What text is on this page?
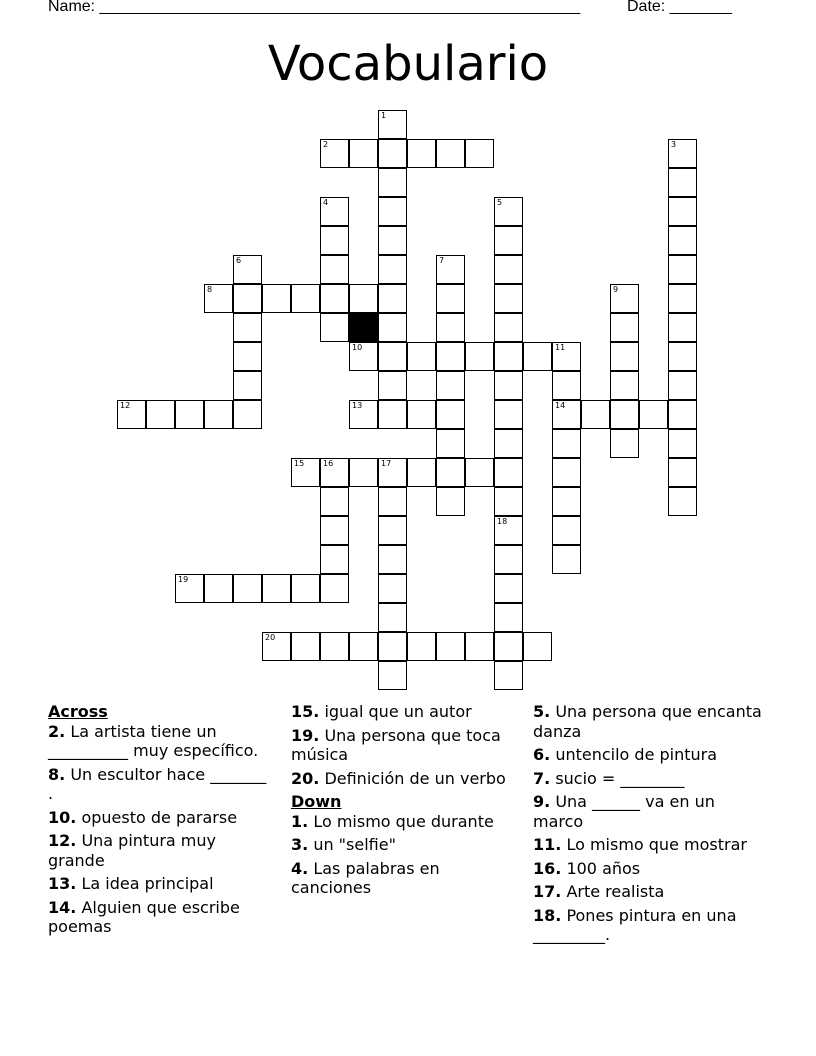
Name: ______________________________________________________	Date: _______
Vocabulario
2
8
10	11
12	13	14
15 16	17
19
20
1
3
4	5
6	7
9
18

Across

2. La artista tiene un __________ muy específico.

8. Un escultor hace _______ .

10. opuesto de pararse

12. Una pintura muy grande

13. La idea principal

14. Alguien que escribe poemas

15. igual que un autor

19. Una persona que toca música

20. Definición de un verbo

Down

1. Lo mismo que durante

3. un "selfie"

4. Las palabras en canciones

5. Una persona que encanta danza

6. untencilo de pintura

7. sucio = ________

9. Una ______ va en un marco

11. Lo mismo que mostrar

16. 100 años

17. Arte realista

18. Pones pintura en una _________.
